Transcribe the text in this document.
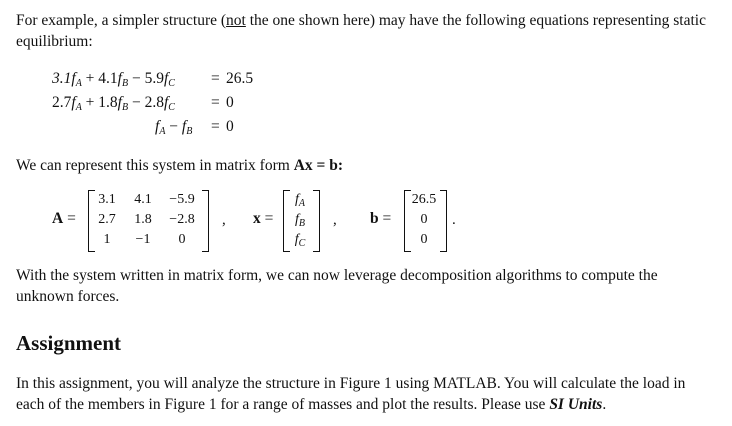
For example, a simpler structure (not the one shown here) may have the following equations representing static equilibrium:
$3.1f_A + 4.1f_B - 5.9f_C = 26.5$
$2.7f_A + 1.8f_B - 2.8f_C = 0$
$f_A - f_B = 0$
We can represent this system in matrix form Ax = b:
A =
3.1	4.1	−5.9
2.7	1.8	−2.8
1	−1	0
, x =
$f_A$
$f_B$
$f_C$
, b =
26.5
0
0
.
With the system written in matrix form, we can now leverage decomposition algorithms to compute the unknown forces.
Assignment
In this assignment, you will analyze the structure in Figure 1 using MATLAB. You will calculate the load in each of the members in Figure 1 for a range of masses and plot the results. Please use SI Units.
